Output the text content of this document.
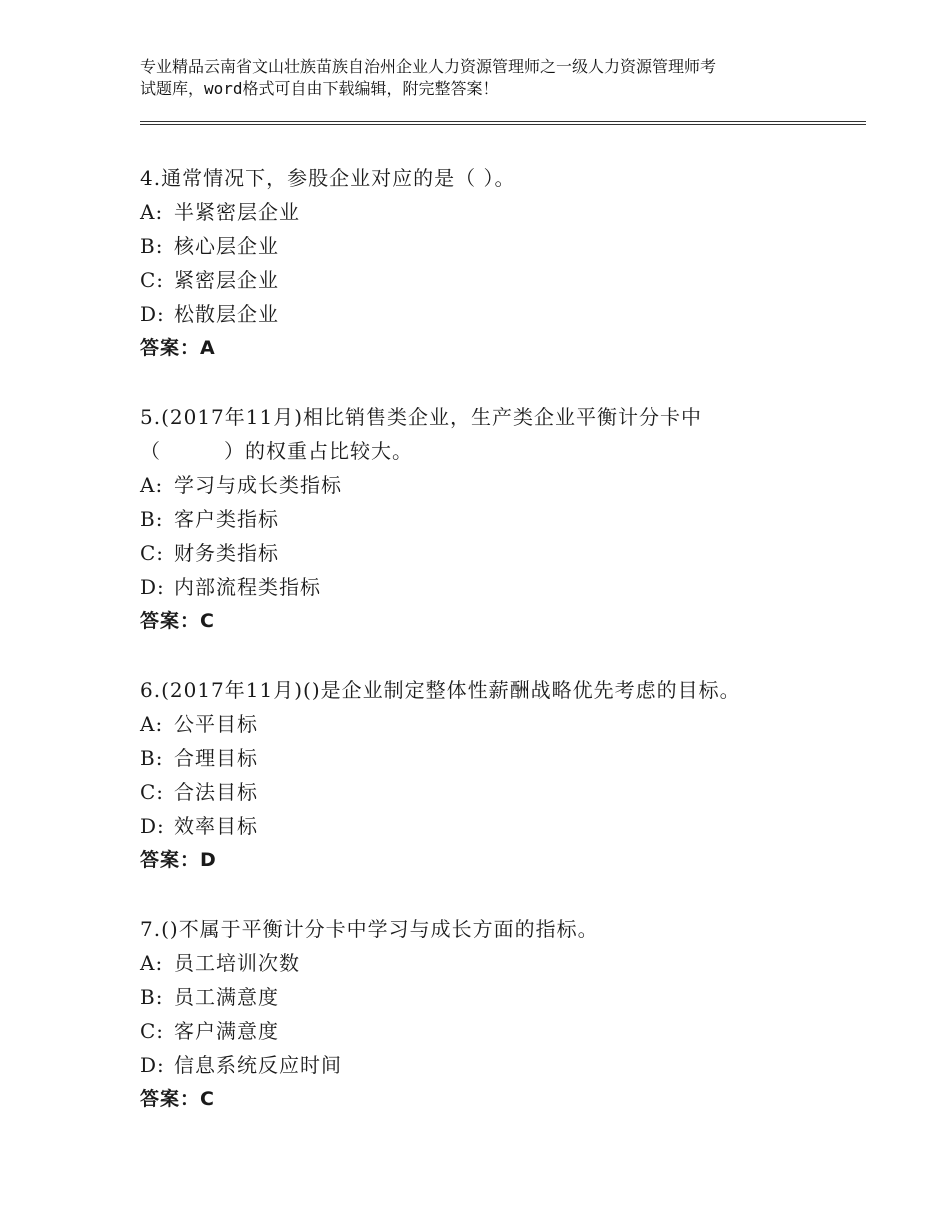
专业精品云南省文山壮族苗族自治州企业人力资源管理师之一级人力资源管理师考
试题库，word格式可自由下载编辑，附完整答案！
4.通常情况下，参股企业对应的是（ ）。
A: 半紧密层企业
B: 核心层企业
C: 紧密层企业
D: 松散层企业
答案：A
5.(2017年11月)相比销售类企业，生产类企业平衡计分卡中
（　　　）的权重占比较大。
A: 学习与成长类指标
B: 客户类指标
C: 财务类指标
D: 内部流程类指标
答案：C
6.(2017年11月)()是企业制定整体性薪酬战略优先考虑的目标。
A: 公平目标
B: 合理目标
C: 合法目标
D: 效率目标
答案：D
7.()不属于平衡计分卡中学习与成长方面的指标。
A: 员工培训次数
B: 员工满意度
C: 客户满意度
D: 信息系统反应时间
答案：C
